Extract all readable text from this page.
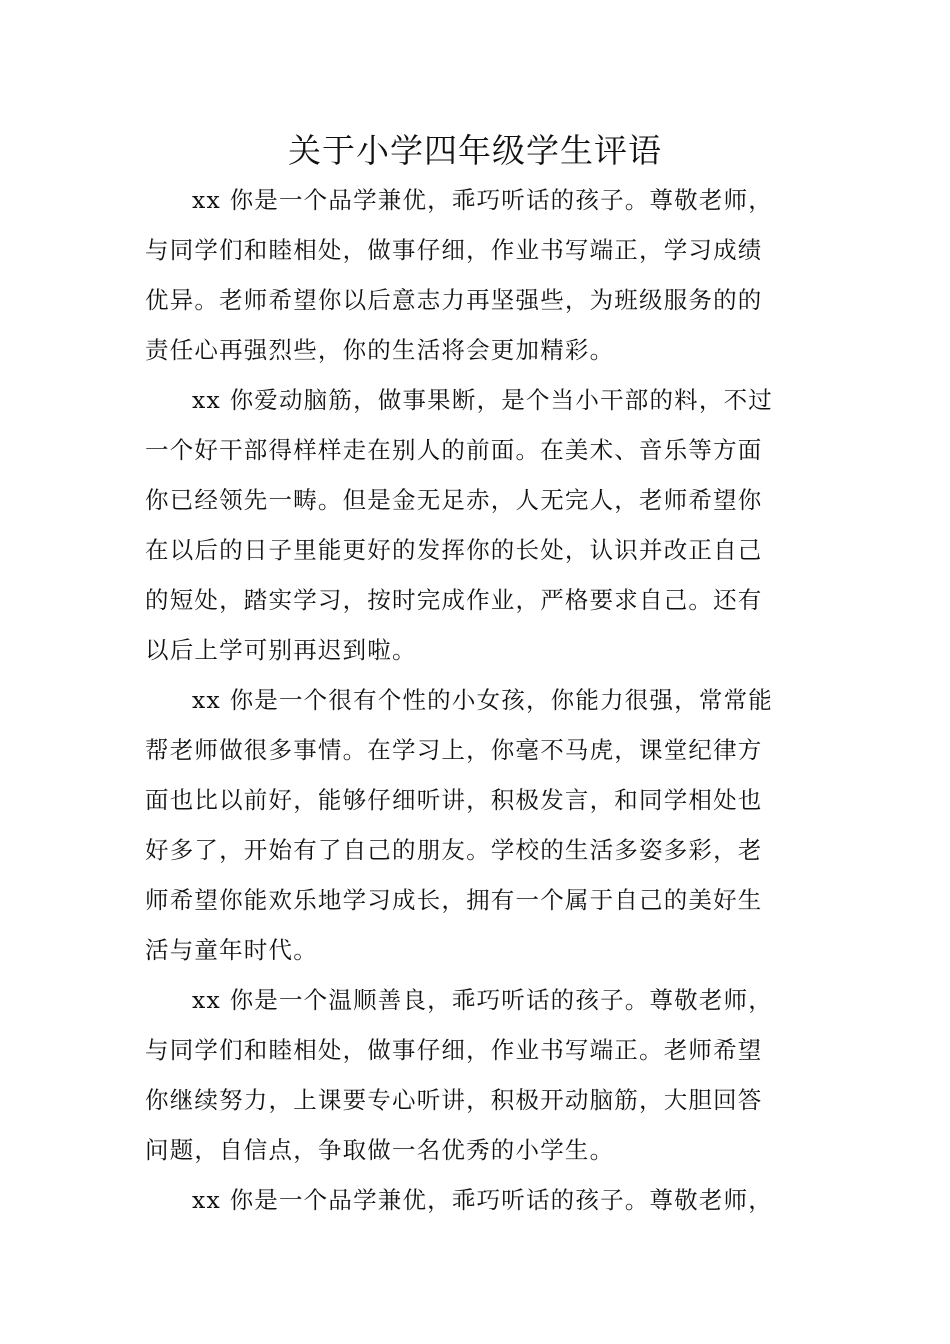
关于小学四年级学生评语

xx 你是一个品学兼优，乖巧听话的孩子。尊敬老师，
与同学们和睦相处，做事仔细，作业书写端正，学习成绩
优异。老师希望你以后意志力再坚强些，为班级服务的的
责任心再强烈些，你的生活将会更加精彩。

xx 你爱动脑筋，做事果断，是个当小干部的料，不过
一个好干部得样样走在别人的前面。在美术、音乐等方面
你已经领先一畴。但是金无足赤，人无完人，老师希望你
在以后的日子里能更好的发挥你的长处，认识并改正自己
的短处，踏实学习，按时完成作业，严格要求自己。还有
以后上学可别再迟到啦。

xx 你是一个很有个性的小女孩，你能力很强，常常能
帮老师做很多事情。在学习上，你毫不马虎，课堂纪律方
面也比以前好，能够仔细听讲，积极发言，和同学相处也
好多了，开始有了自己的朋友。学校的生活多姿多彩，老
师希望你能欢乐地学习成长，拥有一个属于自己的美好生
活与童年时代。

xx 你是一个温顺善良，乖巧听话的孩子。尊敬老师，
与同学们和睦相处，做事仔细，作业书写端正。老师希望
你继续努力，上课要专心听讲，积极开动脑筋，大胆回答
问题，自信点，争取做一名优秀的小学生。

xx 你是一个品学兼优，乖巧听话的孩子。尊敬老师，
